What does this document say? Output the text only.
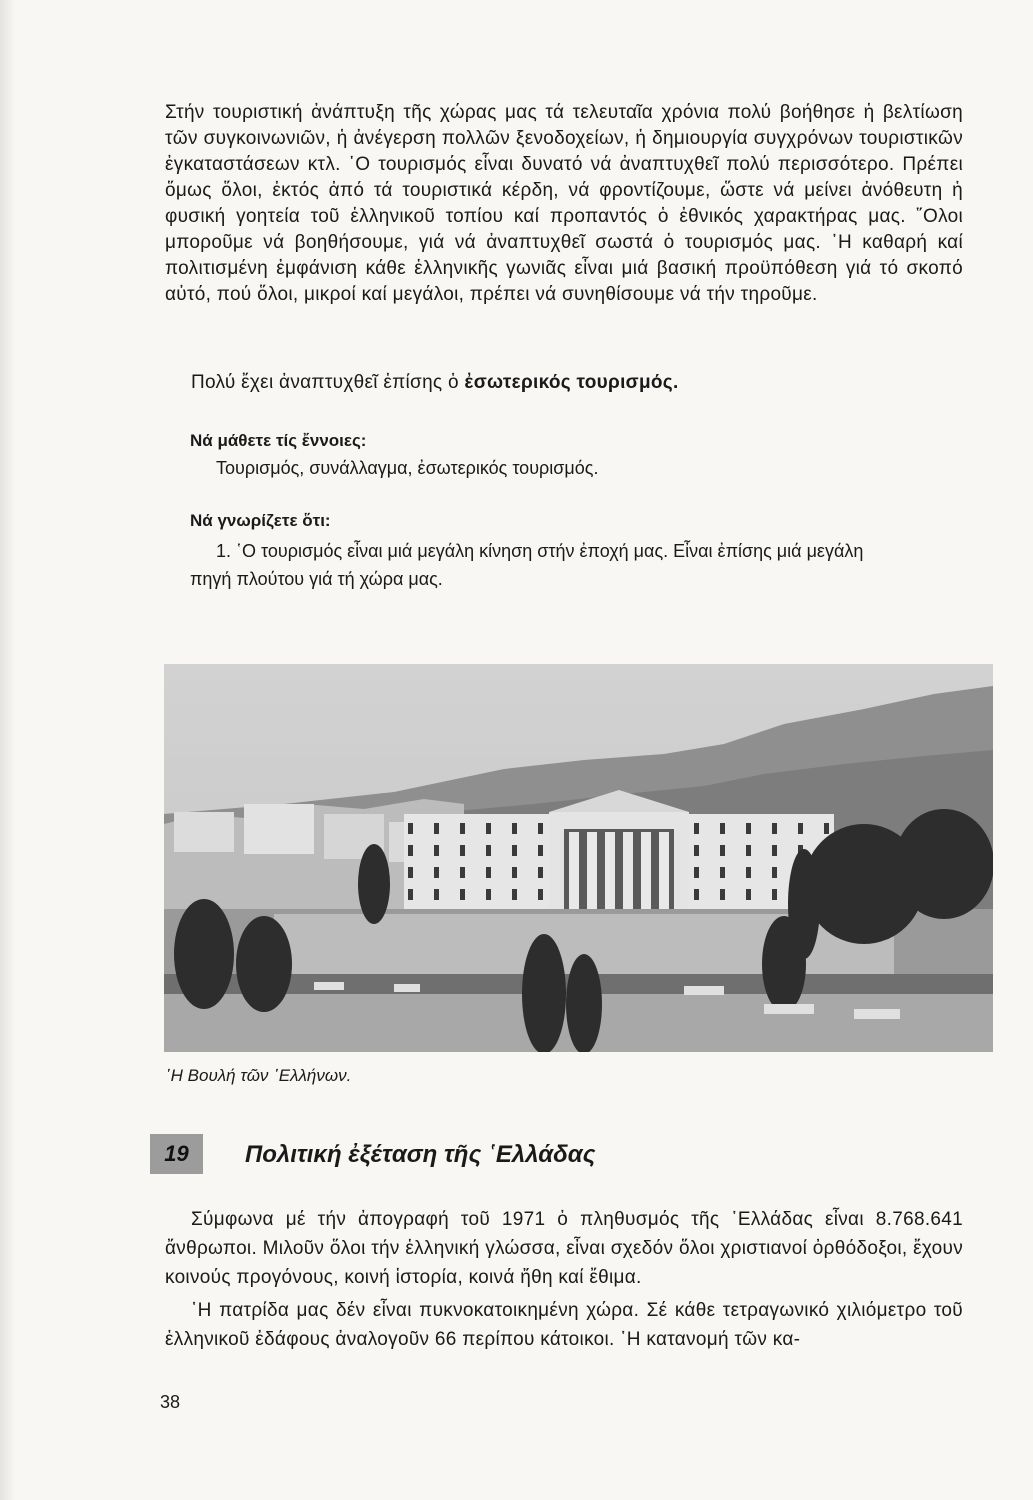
Στήν τουριστική ἀνάπτυξη τῆς χώρας μας τά τελευταῖα χρόνια πολύ βοήθησε ἡ βελτίωση τῶν συγκοινωνιῶν, ἡ ἀνέγερση πολλῶν ξενοδοχείων, ἡ δημιουργία συγχρόνων τουριστικῶν ἐγκαταστάσεων κτλ. ῾Ο τουρισμός εἶναι δυνατό νά ἀναπτυχθεῖ πολύ περισσότερο. Πρέπει ὅμως ὅλοι, ἐκτός ἀπό τά τουριστικά κέρδη, νά φροντίζουμε, ὥστε νά μείνει ἀνόθευτη ἡ φυσική γοητεία τοῦ ἑλληνικοῦ τοπίου καί προπαντός ὁ ἐθνικός χαρακτήρας μας. ῞Ολοι μποροῦμε νά βοηθήσουμε, γιά νά ἀναπτυχθεῖ σωστά ὁ τουρισμός μας. ῾Η καθαρή καί πολιτισμένη ἐμφάνιση κάθε ἑλληνικῆς γωνιᾶς εἶναι μιά βασική προϋπόθεση γιά τό σκοπό αὐτό, πού ὅλοι, μικροί καί μεγάλοι, πρέπει νά συνηθίσουμε νά τήν τηροῦμε.
Πολύ ἔχει ἀναπτυχθεῖ ἐπίσης ὁ ἐσωτερικός τουρισμός.
Νά μάθετε τίς ἔννοιες:
Τουρισμός, συνάλλαγμα, ἐσωτερικός τουρισμός.
Νά γνωρίζετε ὅτι:
1. ῾Ο τουρισμός εἶναι μιά μεγάλη κίνηση στήν ἐποχή μας. Εἶναι ἐπίσης μιά μεγάλη
πηγή πλούτου γιά τή χώρα μας.
῾Η Βουλή τῶν ῾Ελλήνων.
19	Πολιτική ἐξέταση τῆς ῾Ελλάδας
Σύμφωνα μέ τήν ἀπογραφή τοῦ 1971 ὁ πληθυσμός τῆς ῾Ελλάδας εἶναι 8.768.641 ἄνθρωποι. Μιλοῦν ὅλοι τήν ἑλληνική γλώσσα, εἶναι σχεδόν ὅλοι χριστιανοί ὀρθόδοξοι, ἔχουν κοινούς προγόνους, κοινή ἱστορία, κοινά ἤθη καί ἔθιμα.
῾Η πατρίδα μας δέν εἶναι πυκνοκατοικημένη χώρα. Σέ κάθε τετραγωνικό χιλιόμετρο τοῦ ἑλληνικοῦ ἐδάφους ἀναλογοῦν 66 περίπου κάτοικοι. ῾Η κατανομή τῶν κα-
38
